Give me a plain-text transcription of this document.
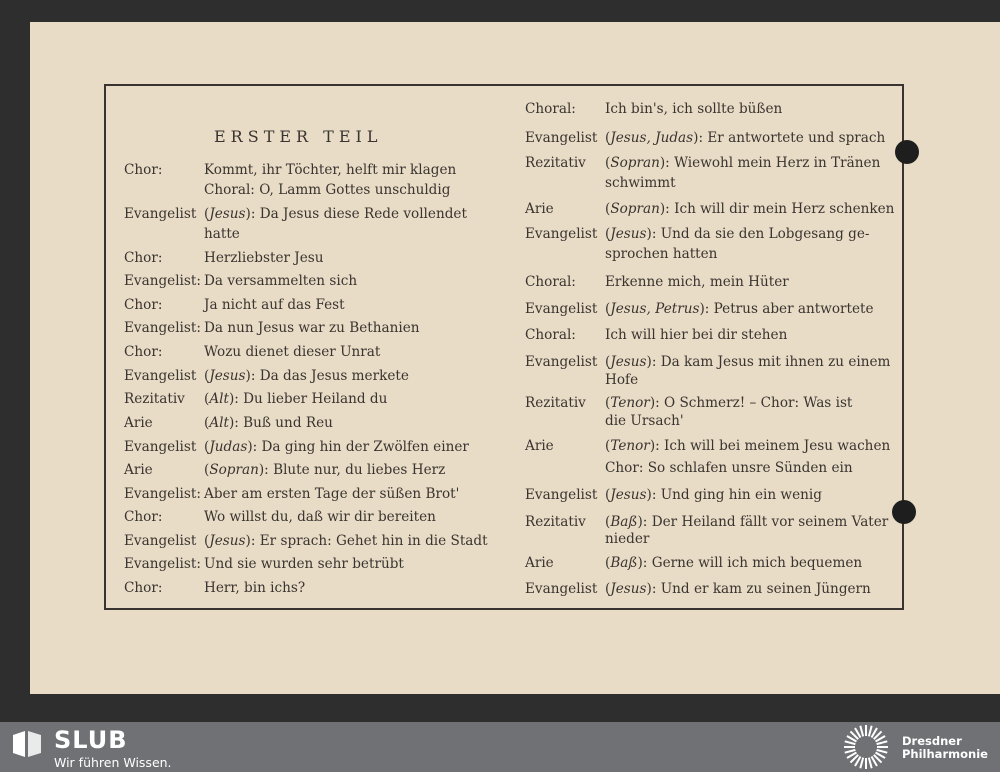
ERSTER TEIL
Chor:	Kommt, ihr Töchter, helft mir klagen
Choral: O, Lamm Gottes unschuldig
Evangelist (Jesus): Da Jesus diese Rede vollendet
hatte
Chor:	Herzliebster Jesu
Evangelist: Da versammelten sich
Chor:	Ja nicht auf das Fest
Evangelist: Da nun Jesus war zu Bethanien
Chor:	Wozu dienet dieser Unrat
Evangelist (Jesus): Da das Jesus merkete
Rezitativ (Alt): Du lieber Heiland du
Arie	(Alt): Buß und Reu
Evangelist (Judas): Da ging hin der Zwölfen einer
Arie	(Sopran): Blute nur, du liebes Herz
Evangelist: Aber am ersten Tage der süßen Brot'
Chor:	Wo willst du, daß wir dir bereiten
Evangelist (Jesus): Er sprach: Gehet hin in die Stadt
Evangelist: Und sie wurden sehr betrübt
Chor:	Herr, bin ichs?
Choral: Ich bin's, ich sollte büßen
Evangelist (Jesus, Judas): Er antwortete und sprach
Rezitativ (Sopran): Wiewohl mein Herz in Tränen
schwimmt
Arie	(Sopran): Ich will dir mein Herz schenken
Evangelist (Jesus): Und da sie den Lobgesang ge-
sprochen hatten
Choral: Erkenne mich, mein Hüter
Evangelist (Jesus, Petrus): Petrus aber antwortete
Choral: Ich will hier bei dir stehen
Evangelist (Jesus): Da kam Jesus mit ihnen zu einem
Hofe
Rezitativ (Tenor): O Schmerz! – Chor: Was ist
die Ursach'
Arie	(Tenor): Ich will bei meinem Jesu wachen
Chor: So schlafen unsre Sünden ein
Evangelist (Jesus): Und ging hin ein wenig
Rezitativ (Baß): Der Heiland fällt vor seinem Vater
nieder
Arie	(Baß): Gerne will ich mich bequemen
Evangelist (Jesus): Und er kam zu seinen Jüngern
SLUB
Wir führen Wissen.
Dresdner
Philharmonie
